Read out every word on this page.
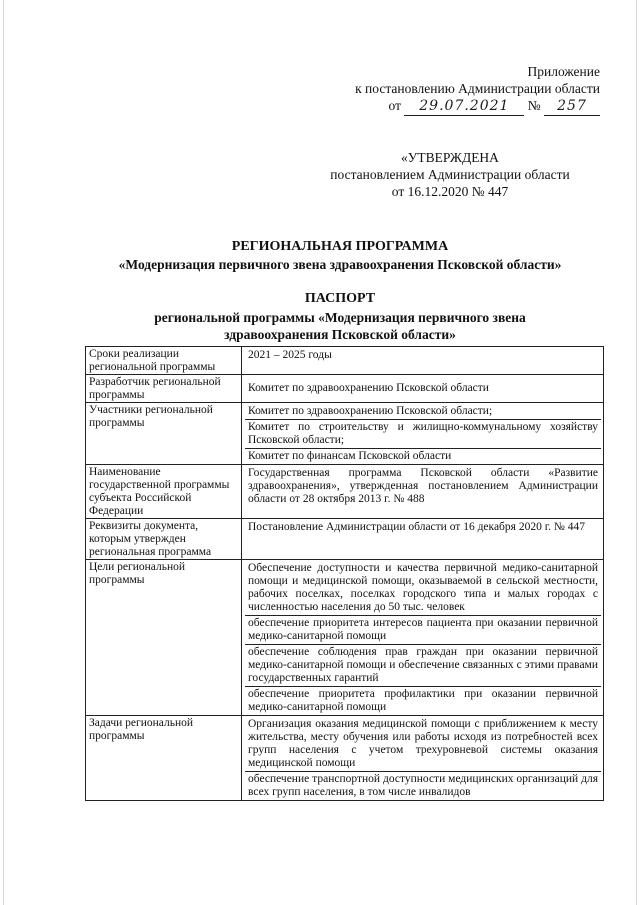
Приложение
к постановлению Администрации области
от 29.07.2021 № 257
«УТВЕРЖДЕНА
постановлением Администрации области
от 16.12.2020 № 447
РЕГИОНАЛЬНАЯ ПРОГРАММА
«Модернизация первичного звена здравоохранения Псковской области»
ПАСПОРТ
региональной программы «Модернизация первичного звена
здравоохранения Псковской области»
Сроки реализации региональной программы	2021 – 2025 годы

Разработчик региональной программы	Комитет по здравоохранению Псковской области

Участники региональной программы	Комитет по здравоохранению Псковской области;
Комитет по строительству и жилищно-коммунальному хозяйству Псковской области;
Комитет по финансам Псковской области

Наименование государственной программы субъекта Российской Федерации	Государственная программа Псковской области «Развитие здравоохранения», утвержденная постановлением Администрации области от 28 октября 2013 г. № 488

Реквизиты документа, которым утвержден региональная программа	Постановление Администрации области от 16 декабря 2020 г. № 447

Цели региональной программы	Обеспечение доступности и качества первичной медико-санитарной помощи и медицинской помощи, оказываемой в сельской местности, рабочих поселках, поселках городского типа и малых городах с численностью населения до 50 тыс. человек
обеспечение приоритета интересов пациента при оказании первичной медико-санитарной помощи
обеспечение соблюдения прав граждан при оказании первичной медико-санитарной помощи и обеспечение связанных с этими правами государственных гарантий
обеспечение приоритета профилактики при оказании первичной медико-санитарной помощи

Задачи региональной программы	Организация оказания медицинской помощи с приближением к месту жительства, месту обучения или работы исходя из потребностей всех групп населения с учетом трехуровневой системы оказания медицинской помощи
обеспечение транспортной доступности медицинских организаций для всех групп населения, в том числе инвалидов
